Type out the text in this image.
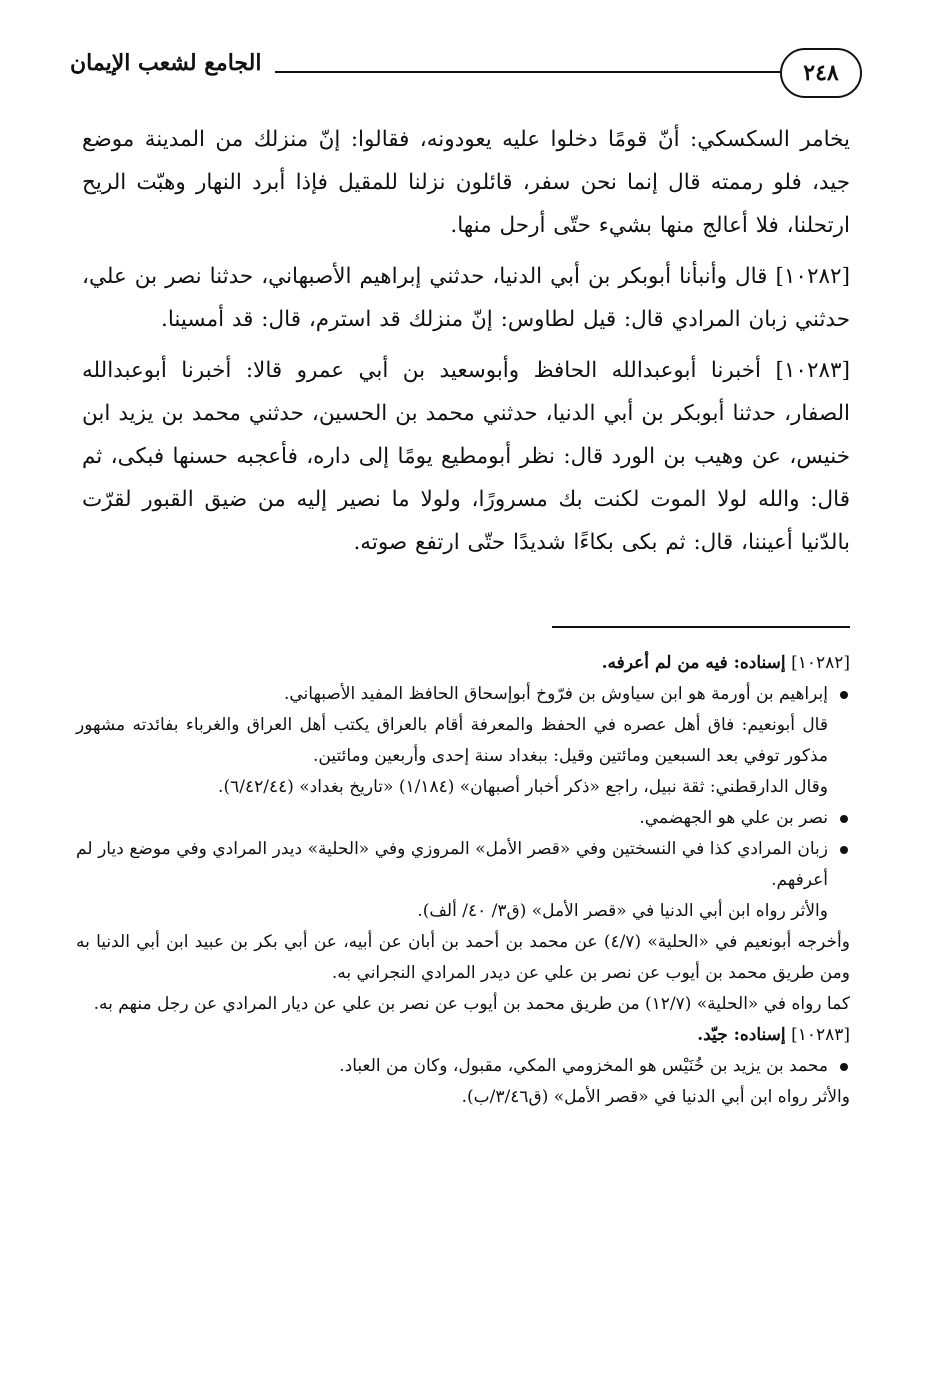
٢٤٨
الجامع لشعب الإيمان

يخامر السكسكي: أنّ قومًا دخلوا عليه يعودونه، فقالوا: إنّ منزلك من المدينة موضع جيد، فلو رممته قال إنما نحن سفر، قائلون نزلنا للمقيل فإذا أبرد النهار وهبّت الريح ارتحلنا، فلا أعالج منها بشيء حتّى أرحل منها.

[١٠٢٨٢] قال وأنبأنا أبوبكر بن أبي الدنيا، حدثني إبراهيم الأصبهاني، حدثنا نصر بن علي، حدثني زبان المرادي قال: قيل لطاوس: إنّ منزلك قد استرم، قال: قد أمسينا.

[١٠٢٨٣] أخبرنا أبوعبدالله الحافظ وأبوسعيد بن أبي عمرو قالا: أخبرنا أبوعبدالله الصفار، حدثنا أبوبكر بن أبي الدنيا، حدثني محمد بن الحسين، حدثني محمد بن يزيد ابن خنيس، عن وهيب بن الورد قال: نظر أبومطيع يومًا إلى داره، فأعجبه حسنها فبكى، ثم قال: والله لولا الموت لكنت بك مسرورًا، ولولا ما نصير إليه من ضيق القبور لقرّت بالدّنيا أعيننا، قال: ثم بكى بكاءًا شديدًا حتّى ارتفع صوته.

[١٠٢٨٢] إسناده: فيه من لم أعرفه.

إبراهيم بن أورمة هو ابن سياوش بن فرّوخ أبوإسحاق الحافظ المفيد الأصبهاني.

قال أبونعيم: فاق أهل عصره في الحفظ والمعرفة أقام بالعراق يكتب أهل العراق والغرباء بفائدته مشهور مذكور توفي بعد السبعين ومائتين وقيل: ببغداد سنة إحدى وأربعين ومائتين.

وقال الدارقطني: ثقة نبيل، راجع «ذكر أخبار أصبهان» (١/١٨٤) «تاريخ بغداد» (٦/٤٢/٤٤).

نصر بن علي هو الجهضمي.

زبان المرادي كذا في النسختين وفي «قصر الأمل» المروزي وفي «الحلية» ديدر المرادي وفي موضع ديار لم أعرفهم.

والأثر رواه ابن أبي الدنيا في «قصر الأمل» (ق٣/ ٤٠/ ألف).

وأخرجه أبونعيم في «الحلية» (٤/٧) عن محمد بن أحمد بن أبان عن أبيه، عن أبي بكر بن عبيد ابن أبي الدنيا به ومن طريق محمد بن أيوب عن نصر بن علي عن ديدر المرادي النجراني به.

كما رواه في «الحلية» (١٢/٧) من طريق محمد بن أيوب عن نصر بن علي عن ديار المرادي عن رجل منهم به.

[١٠٢٨٣] إسناده: جيّد.

محمد بن يزيد بن خُنَيْس هو المخزومي المكي، مقبول، وكان من العباد.

والأثر رواه ابن أبي الدنيا في «قصر الأمل» (ق٣/٤٦/ب).
